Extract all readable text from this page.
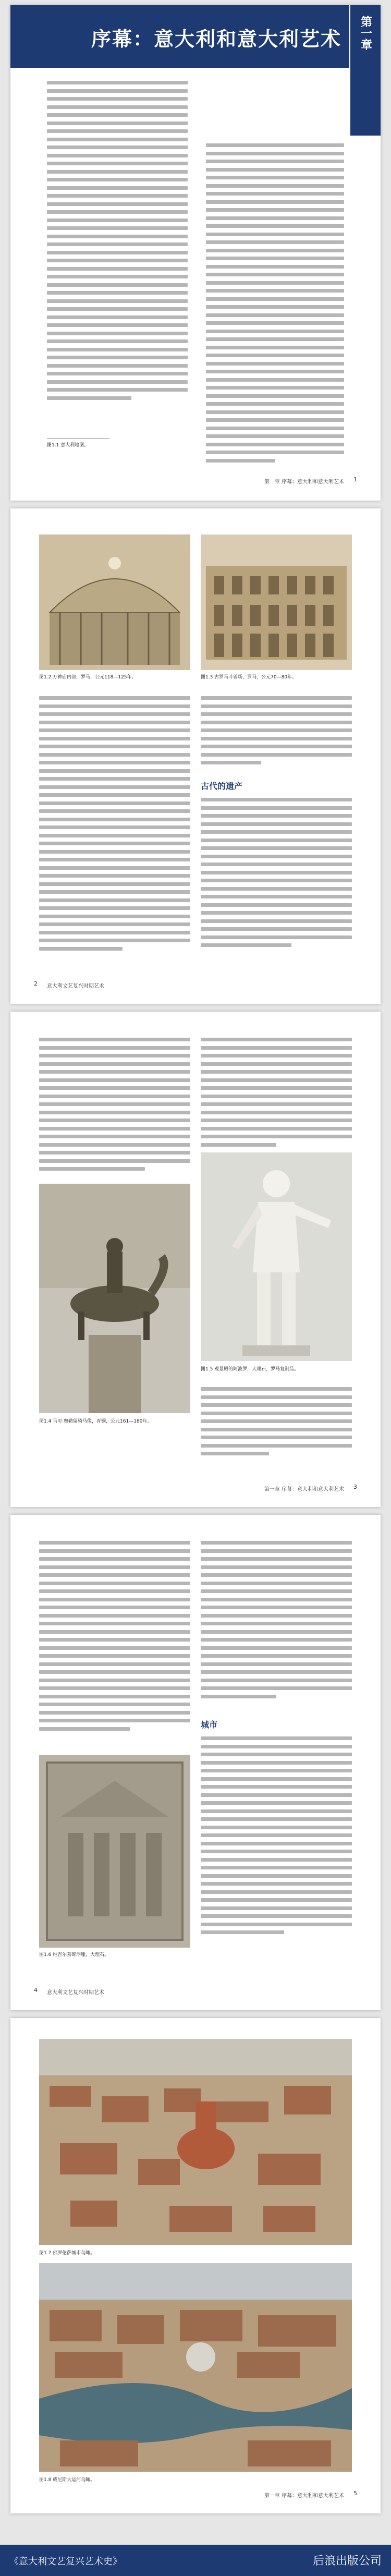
序幕：意大利和意大利艺术 第一章
图1.1 意大利地图。
第一章 序幕：意大利和意大利艺术 1
图1.2 万神庙内部，罗马，公元118—125年。	图1.3 古罗马斗兽场，罗马，公元70—80年。
古代的遗产
2 意大利文艺复兴时期艺术
图1.4 马可·奥勒留骑马像，青铜，公元161—180年。
图1.5 观景殿的阿波罗，大理石，罗马复制品。
第一章 序幕：意大利和意大利艺术 3
图1.6 维吉尔墓碑浮雕，大理石。
城市
4 意大利文艺复兴时期艺术
图1.7 佛罗伦萨城市鸟瞰。
图1.8 威尼斯大运河鸟瞰。
第一章 序幕：意大利和意大利艺术 5
《意大利文艺复兴艺术史》	后浪出版公司
